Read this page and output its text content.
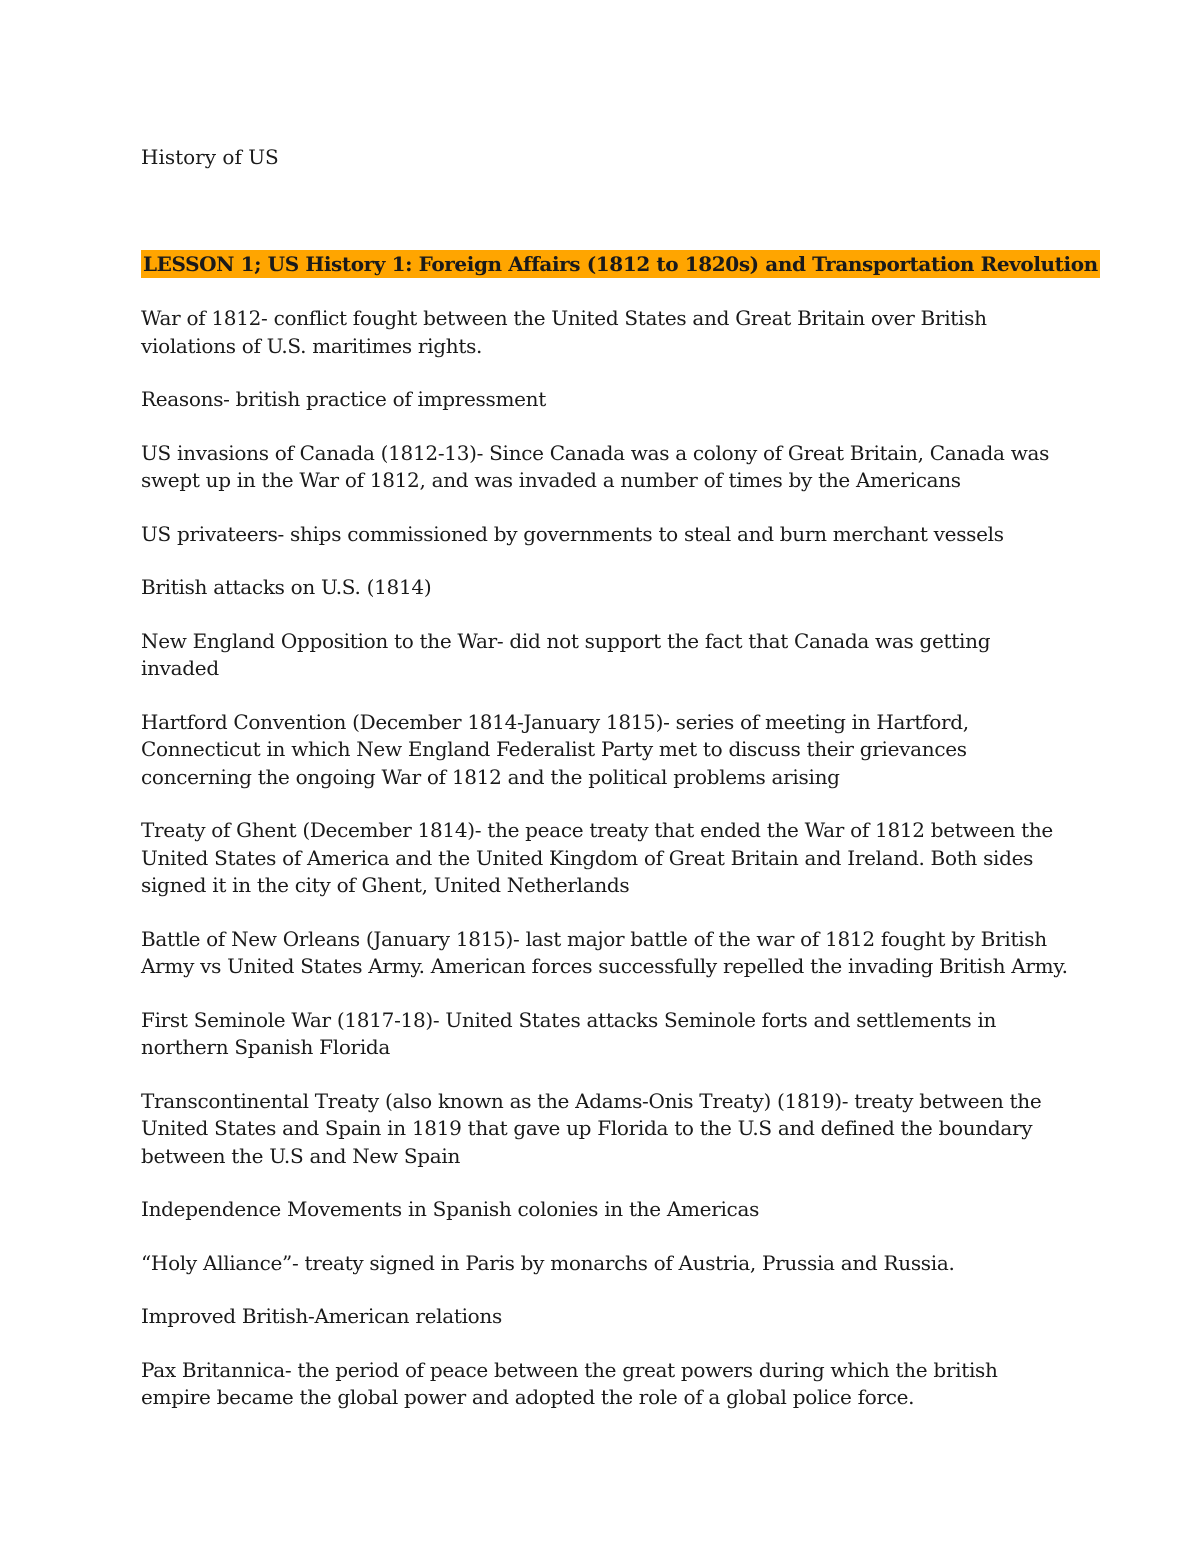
History of US
LESSON 1; US History 1: Foreign Affairs (1812 to 1820s) and Transportation Revolution

War of 1812- conflict fought between the United States and Great Britain over British violations of U.S. maritimes rights.

Reasons- british practice of impressment

US invasions of Canada (1812-13)- Since Canada was a colony of Great Britain, Canada was swept up in the War of 1812, and was invaded a number of times by the Americans

US privateers- ships commissioned by governments to steal and burn merchant vessels

British attacks on U.S. (1814)

New England Opposition to the War- did not support the fact that Canada was getting invaded

Hartford Convention (December 1814-January 1815)- series of meeting in Hartford, Connecticut in which New England Federalist Party met to discuss their grievances concerning the ongoing War of 1812 and the political problems arising

Treaty of Ghent (December 1814)- the peace treaty that ended the War of 1812 between the United States of America and the United Kingdom of Great Britain and Ireland. Both sides signed it in the city of Ghent, United Netherlands

Battle of New Orleans (January 1815)- last major battle of the war of 1812 fought by British Army vs United States Army. American forces successfully repelled the invading British Army.

First Seminole War (1817-18)- United States attacks Seminole forts and settlements in northern Spanish Florida

Transcontinental Treaty (also known as the Adams-Onis Treaty) (1819)- treaty between the United States and Spain in 1819 that gave up Florida to the U.S and defined the boundary between the U.S and New Spain

Independence Movements in Spanish colonies in the Americas

“Holy Alliance”- treaty signed in Paris by monarchs of Austria, Prussia and Russia.

Improved British-American relations

Pax Britannica- the period of peace between the great powers during which the british empire became the global power and adopted the role of a global police force.
